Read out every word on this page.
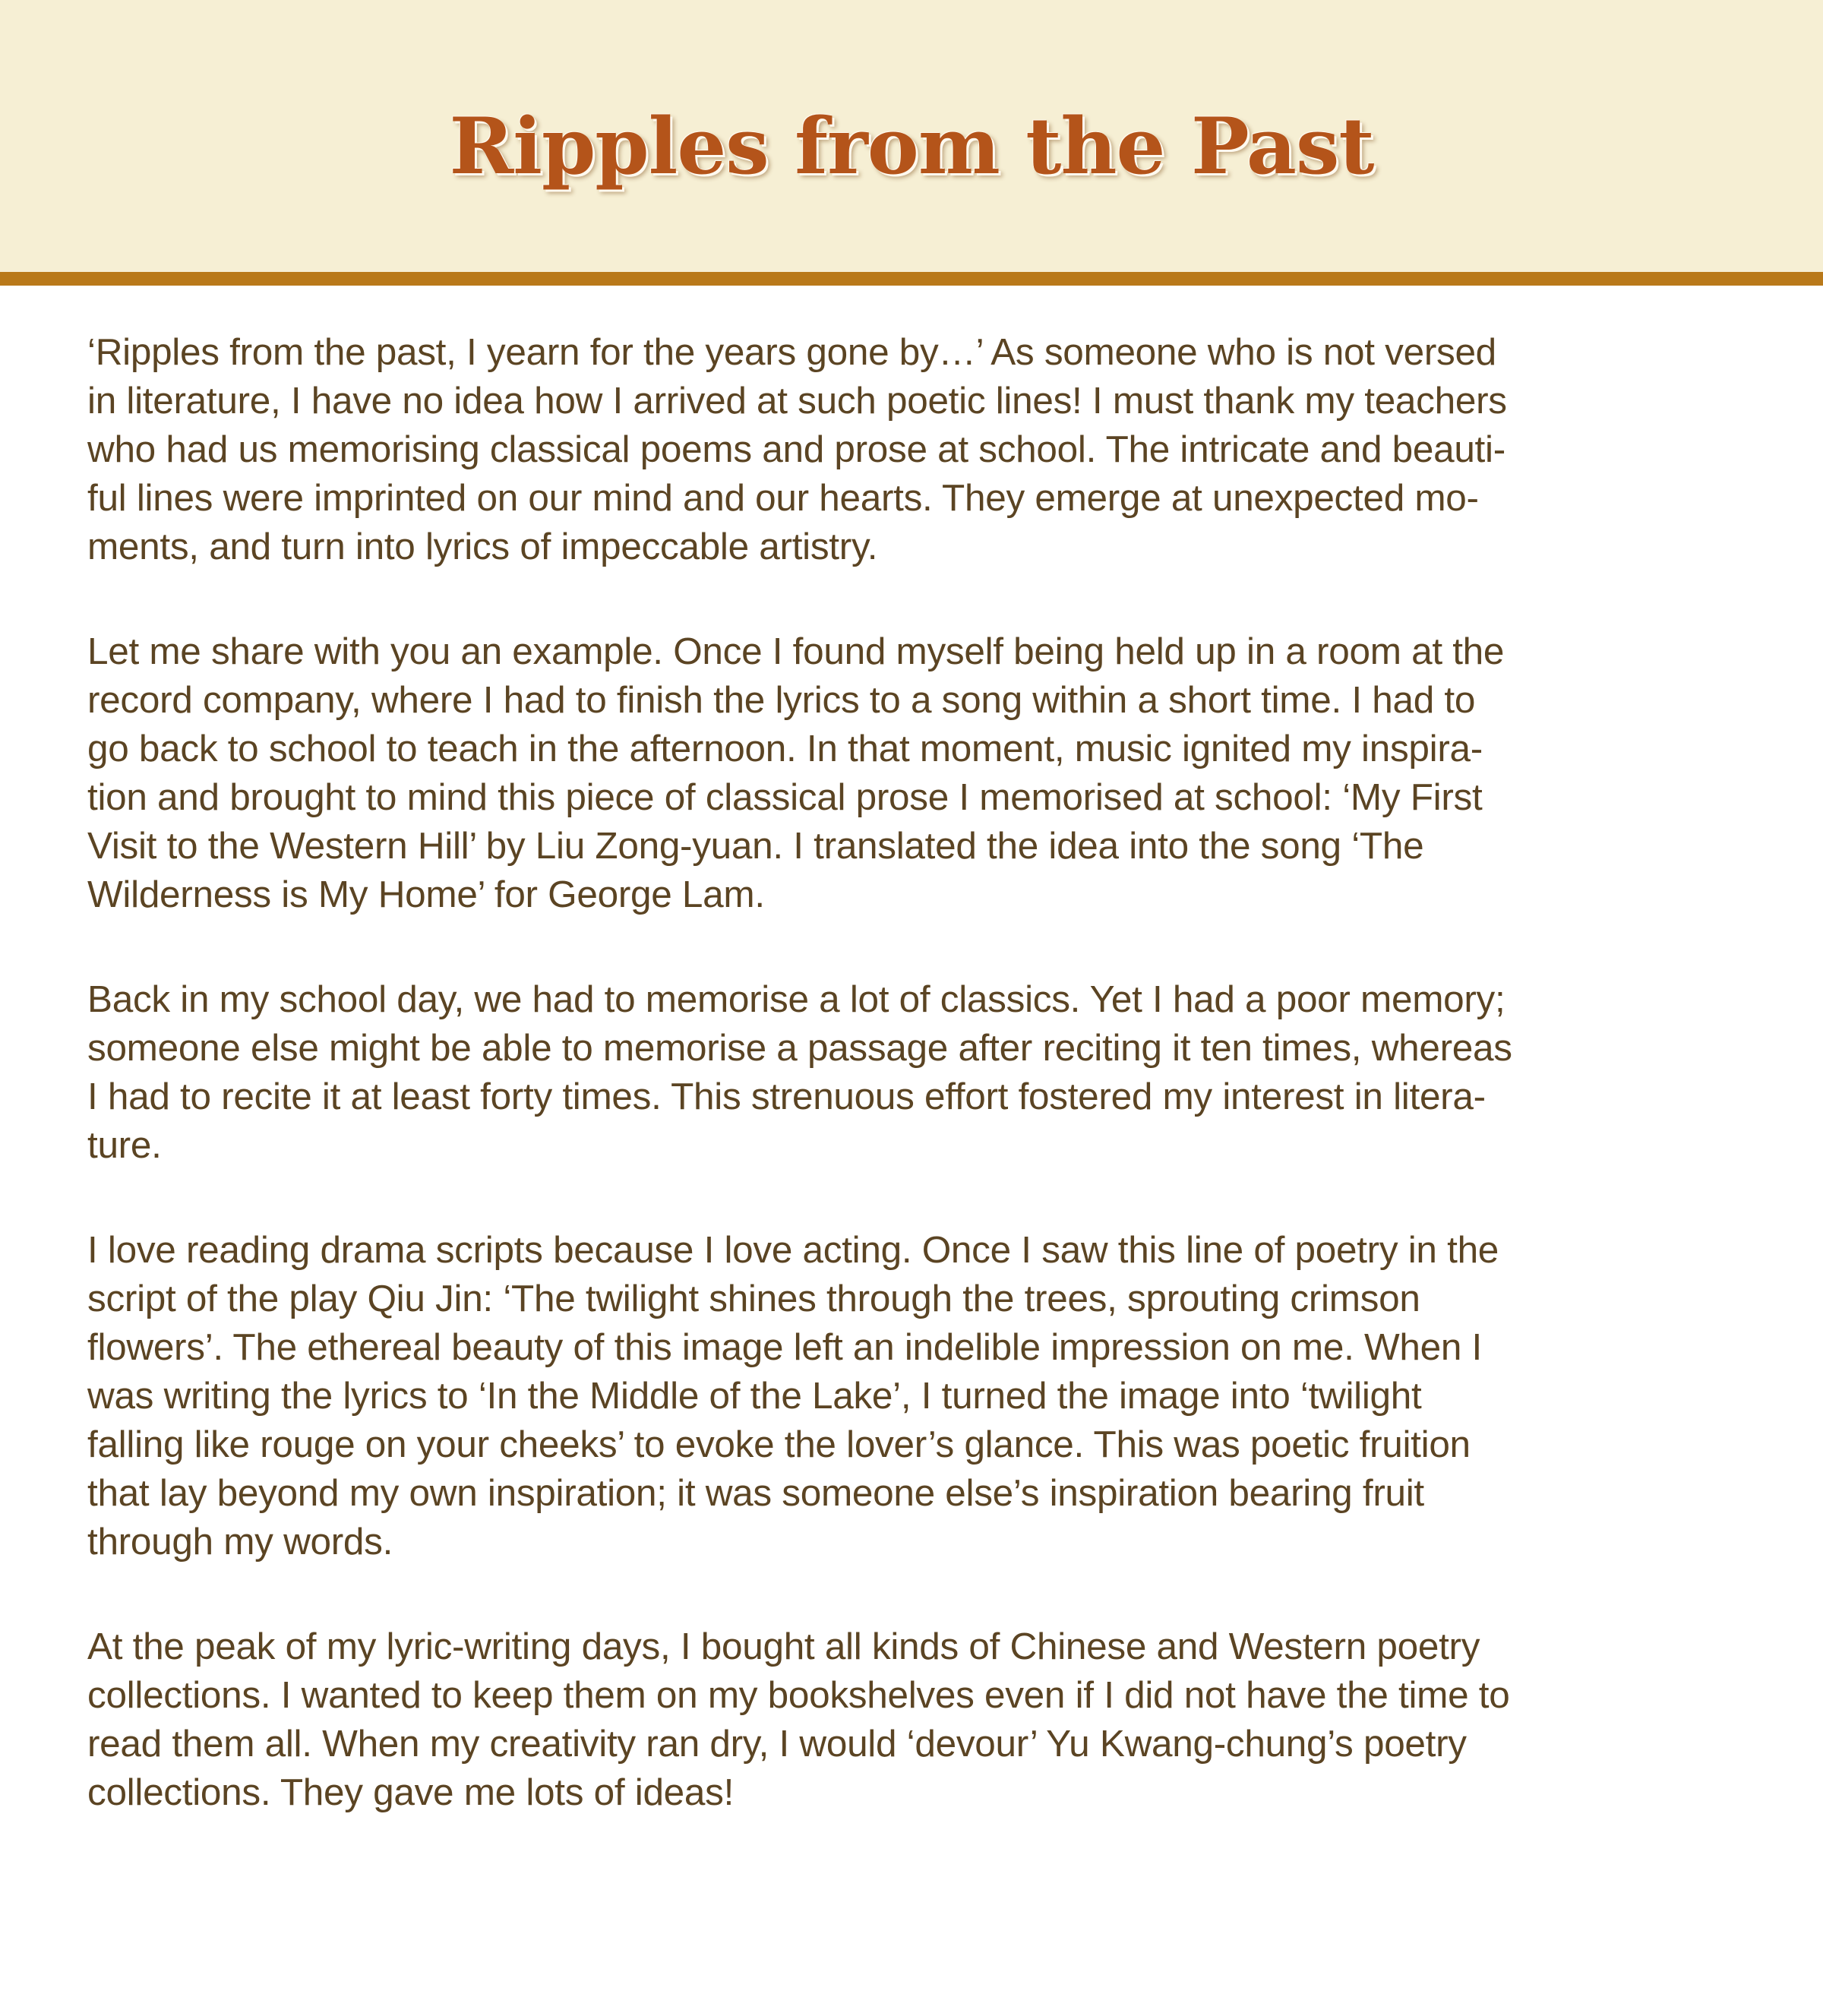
Ripples from the Past

‘Ripples from the past, I yearn for the years gone by…’ As someone who is not versed
in literature, I have no idea how I arrived at such poetic lines! I must thank my teachers
who had us memorising classical poems and prose at school. The intricate and beauti-
ful lines were imprinted on our mind and our hearts. They emerge at unexpected mo-
ments, and turn into lyrics of impeccable artistry.

Let me share with you an example. Once I found myself being held up in a room at the
record company, where I had to finish the lyrics to a song within a short time. I had to
go back to school to teach in the afternoon. In that moment, music ignited my inspira-
tion and brought to mind this piece of classical prose I memorised at school: ‘My First
Visit to the Western Hill’ by Liu Zong-yuan. I translated the idea into the song ‘The
Wilderness is My Home’ for George Lam.

Back in my school day, we had to memorise a lot of classics. Yet I had a poor memory;
someone else might be able to memorise a passage after reciting it ten times, whereas
I had to recite it at least forty times. This strenuous effort fostered my interest in litera-
ture.

I love reading drama scripts because I love acting. Once I saw this line of poetry in the
script of the play Qiu Jin: ‘The twilight shines through the trees, sprouting crimson
flowers’. The ethereal beauty of this image left an indelible impression on me. When I
was writing the lyrics to ‘In the Middle of the Lake’, I turned the image into ‘twilight
falling like rouge on your cheeks’ to evoke the lover’s glance. This was poetic fruition
that lay beyond my own inspiration; it was someone else’s inspiration bearing fruit
through my words.

At the peak of my lyric-writing days, I bought all kinds of Chinese and Western poetry
collections. I wanted to keep them on my bookshelves even if I did not have the time to
read them all. When my creativity ran dry, I would ‘devour’ Yu Kwang-chung’s poetry
collections. They gave me lots of ideas!
